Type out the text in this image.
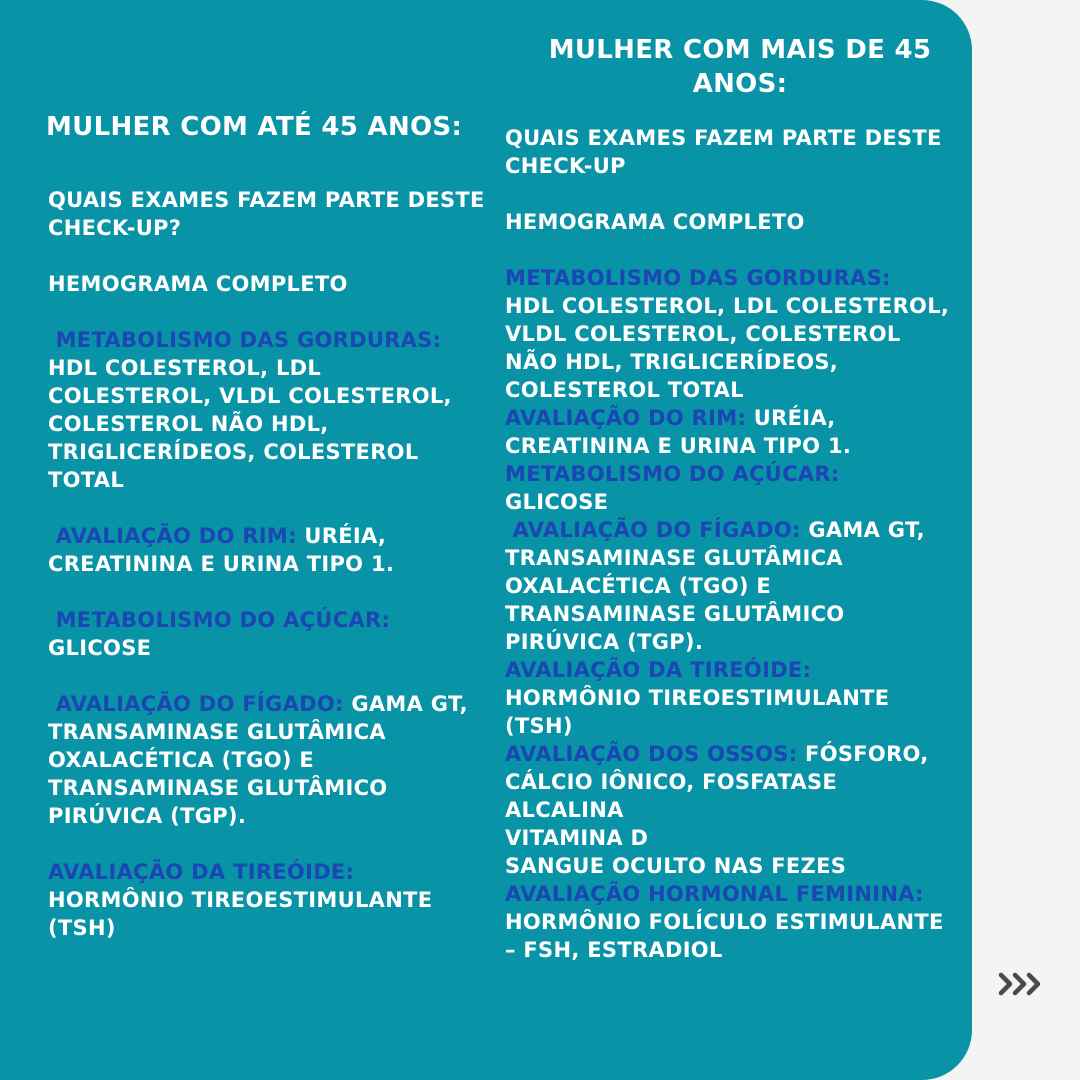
MULHER COM ATÉ 45 ANOS:

QUAIS EXAMES FAZEM PARTE DESTE CHECK-UP?

HEMOGRAMA COMPLETO

METABOLISMO DAS GORDURAS:

HDL COLESTEROL, LDL COLESTEROL, VLDL COLESTEROL, COLESTEROL NÃO HDL, TRIGLICERÍDEOS, COLESTEROL TOTAL

AVALIAÇÃO DO RIM: URÉIA, CREATININA E URINA TIPO 1.

METABOLISMO DO AÇÚCAR:

GLICOSE

AVALIAÇÃO DO FÍGADO: GAMA GT, TRANSAMINASE GLUTÂMICA OXALACÉTICA (TGO) E TRANSAMINASE GLUTÂMICO PIRÚVICA (TGP).

AVALIAÇÃO DA TIREÓIDE:

HORMÔNIO TIREOESTIMULANTE (TSH)

MULHER COM MAIS DE 45 ANOS:

QUAIS EXAMES FAZEM PARTE DESTE CHECK-UP

HEMOGRAMA COMPLETO

METABOLISMO DAS GORDURAS:

HDL COLESTEROL, LDL COLESTEROL, VLDL COLESTEROL, COLESTEROL NÃO HDL, TRIGLICERÍDEOS, COLESTEROL TOTAL

AVALIAÇÃO DO RIM: URÉIA, CREATININA E URINA TIPO 1.

METABOLISMO DO AÇÚCAR:

GLICOSE

AVALIAÇÃO DO FÍGADO: GAMA GT, TRANSAMINASE GLUTÂMICA OXALACÉTICA (TGO) E TRANSAMINASE GLUTÂMICO PIRÚVICA (TGP).

AVALIAÇÃO DA TIREÓIDE:

HORMÔNIO TIREOESTIMULANTE (TSH)

AVALIAÇÃO DOS OSSOS: FÓSFORO, CÁLCIO IÔNICO, FOSFATASE ALCALINA

VITAMINA D

SANGUE OCULTO NAS FEZES

AVALIAÇÃO HORMONAL FEMININA:

HORMÔNIO FOLÍCULO ESTIMULANTE – FSH, ESTRADIOL
